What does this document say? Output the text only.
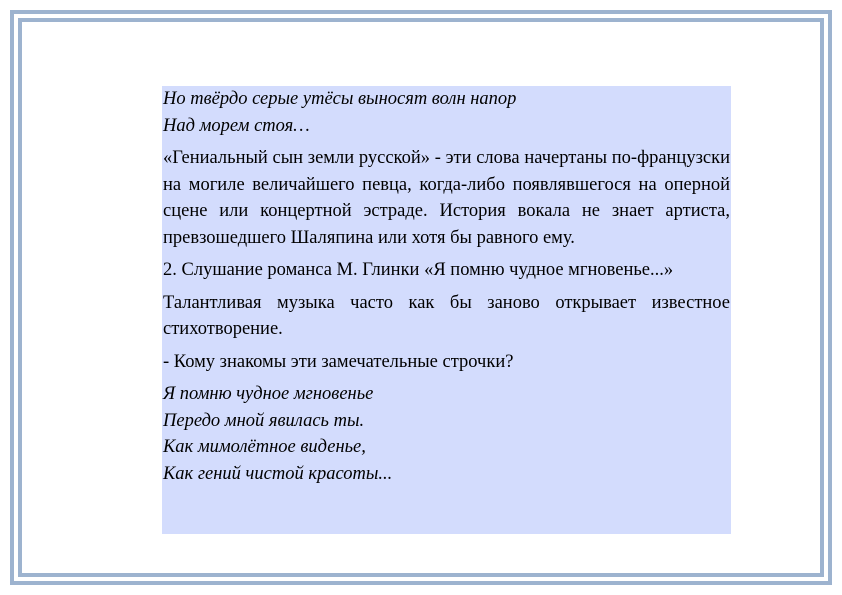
Но твёрдо серые утёсы выносят волн напор

Над морем стоя…

«Гениальный сын земли русской» - эти слова начертаны по-французски на могиле величайшего певца, когда-либо появлявшегося на оперной сцене или концертной эстраде. История вокала не знает артиста, превзошедшего Шаляпина или хотя бы равного ему.

2. Слушание романса М. Глинки «Я помню чудное мгновенье...»

Талантливая музыка часто как бы заново открывает известное стихотворение.

- Кому знакомы эти замечательные строчки?

Я помню чудное мгновенье

Передо мной явилась ты.

Как мимолётное виденье,

Как гений чистой красоты...
